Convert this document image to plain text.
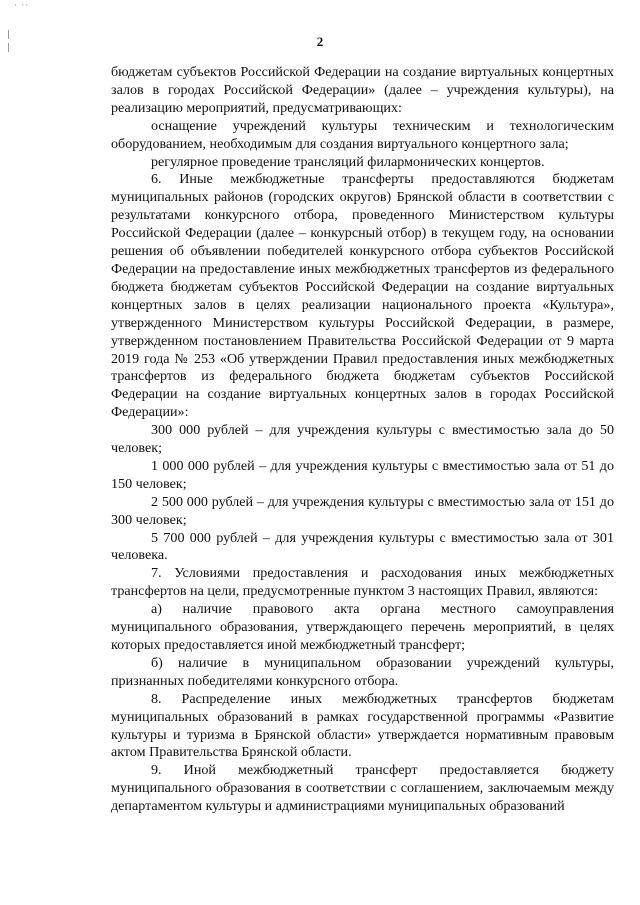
· ··
2

бюджетам субъектов Российской Федерации на создание виртуальных концертных залов в городах Российской Федерации» (далее – учреждения культуры), на реализацию мероприятий, предусматривающих:

оснащение учреждений культуры техническим и технологическим оборудованием, необходимым для создания виртуального концертного зала;

регулярное проведение трансляций филармонических концертов.

6. Иные межбюджетные трансферты предоставляются бюджетам муниципальных районов (городских округов) Брянской области в соответствии с результатами конкурсного отбора, проведенного Министерством культуры Российской Федерации (далее – конкурсный отбор) в текущем году, на основании решения об объявлении победителей конкурсного отбора субъектов Российской Федерации на предоставление иных межбюджетных трансфертов из федерального бюджета бюджетам субъектов Российской Федерации на создание виртуальных концертных залов в целях реализации национального проекта «Культура», утвержденного Министерством культуры Российской Федерации, в размере, утвержденном постановлением Правительства Российской Федерации от 9 марта 2019 года № 253 «Об утверждении Правил предоставления иных межбюджетных трансфертов из федерального бюджета бюджетам субъектов Российской Федерации на создание виртуальных концертных залов в городах Российской Федерации»:

300 000 рублей – для учреждения культуры с вместимостью зала до 50 человек;

1 000 000 рублей – для учреждения культуры с вместимостью зала от 51 до 150 человек;

2 500 000 рублей – для учреждения культуры с вместимостью зала от 151 до 300 человек;

5 700 000 рублей – для учреждения культуры с вместимостью зала от 301 человека.

7. Условиями предоставления и расходования иных межбюджетных трансфертов на цели, предусмотренные пунктом 3 настоящих Правил, являются:

а) наличие правового акта органа местного самоуправления муниципального образования, утверждающего перечень мероприятий, в целях которых предоставляется иной межбюджетный трансферт;

б) наличие в муниципальном образовании учреждений культуры, признанных победителями конкурсного отбора.

8. Распределение иных межбюджетных трансфертов бюджетам муниципальных образований в рамках государственной программы «Развитие культуры и туризма в Брянской области» утверждается нормативным правовым актом Правительства Брянской области.

9. Иной межбюджетный трансферт предоставляется бюджету муниципального образования в соответствии с соглашением, заключаемым между департаментом культуры и администрациями муниципальных образований
